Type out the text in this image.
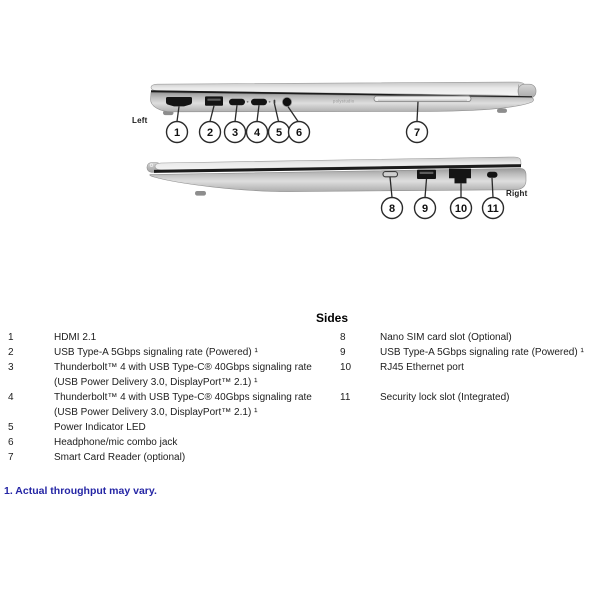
polystudio
1 2 3 4 5 6	7
Left
8 9 10 11
Right
Sides
1	HDMI 2.1
2	USB Type-A 5Gbps signaling rate (Powered) ¹
3	Thunderbolt™ 4 with USB Type-C® 40Gbps signaling rate
(USB Power Delivery 3.0, DisplayPort™ 2.1) ¹
4	Thunderbolt™ 4 with USB Type-C® 40Gbps signaling rate
(USB Power Delivery 3.0, DisplayPort™ 2.1) ¹
5	Power Indicator LED
6	Headphone/mic combo jack
7	Smart Card Reader (optional)
8	Nano SIM card slot (Optional)
9	USB Type-A 5Gbps signaling rate (Powered) ¹
10	RJ45 Ethernet port
11	Security lock slot (Integrated)
1. Actual throughput may vary.
